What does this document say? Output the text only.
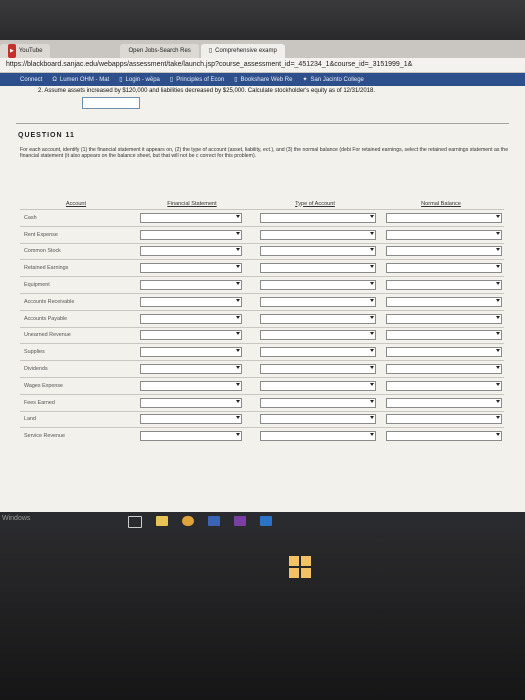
▶ YouTube	Open Jobs-Search Res	▯ Comprehensive examp
https://blackboard.sanjac.edu/webapps/assessment/take/launch.jsp?course_assessment_id=_451234_1&course_id=_3151999_1&
Connect Ω Lumen OHM - Mat ▯ Login - wēpa ▯ Principles of Econ ▯ Bookshare Web Re ✦ San Jacinto College
2. Assume assets increased by $120,000 and liabilities decreased by $25,000. Calculate stockholder's equity as of 12/31/2018.
QUESTION 11
For each account, identify (1) the financial statement it appears on, (2) the type of account (asset, liability, ect.), and (3) the normal balance (debi For retained earnings, select the retained earnings statement as the financial statement (it also appears on the balance sheet, but that will not be c correct for this problem).
Account	Financial Statement	Type of Account	Normal Balance
Cash	

Rent Expense	

Common Stock	

Retained Earnings	

Equipment	

Accounts Receivable	

Accounts Payable	

Unearned Revenue	

Supplies	

Dividends	

Wages Expense	

Fees Earned	

Land	

Service Revenue	

Windows
